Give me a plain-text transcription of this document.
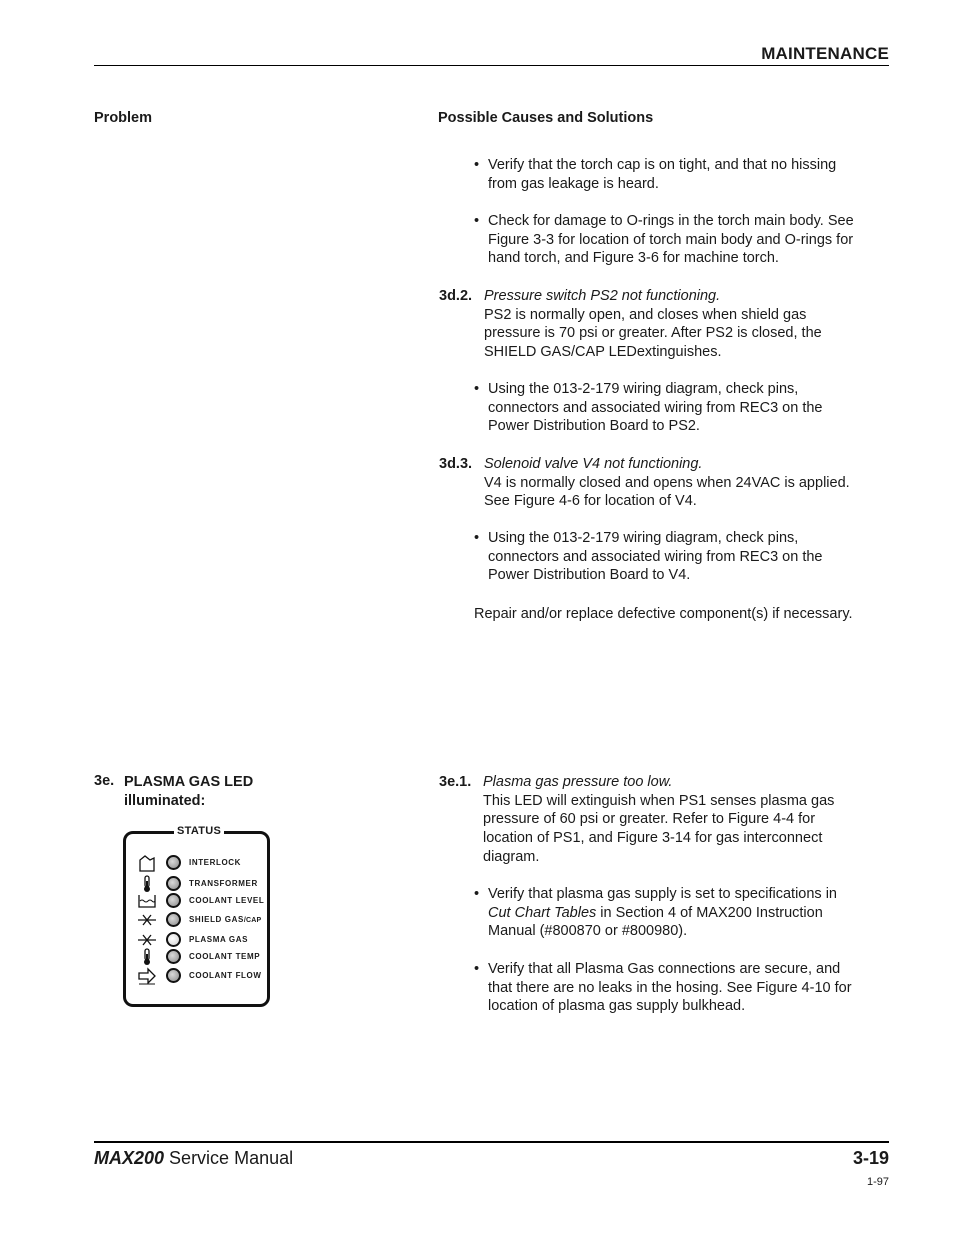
MAINTENANCE
Problem	Possible Causes and Solutions
• Verify that the torch cap is on tight, and that no hissing
from gas leakage is heard.
• Check for damage to O-rings in the torch main body. See
Figure 3-3 for location of torch main body and O-rings for
hand torch, and Figure 3-6 for machine torch.
3d.2. Pressure switch PS2 not functioning.
PS2 is normally open, and closes when shield gas
pressure is 70 psi or greater. After PS2 is closed, the
SHIELD GAS/CAP LEDextinguishes.
• Using the 013-2-179 wiring diagram, check pins,
connectors and associated wiring from REC3 on the
Power Distribution Board to PS2.
3d.3. Solenoid valve V4 not functioning.
V4 is normally closed and opens when 24VAC is applied.
See Figure 4-6 for location of V4.
• Using the 013-2-179 wiring diagram, check pins,
connectors and associated wiring from REC3 on the
Power Distribution Board to V4.
Repair and/or replace defective component(s) if necessary.
3e. PLASMA GAS LED
illuminated:
STATUS
INTERLOCK
TRANSFORMER
COOLANT LEVEL
SHIELD GAS/CAP
PLASMA GAS
COOLANT TEMP
COOLANT FLOW
3e.1. Plasma gas pressure too low.
This LED will extinguish when PS1 senses plasma gas
pressure of 60 psi or greater. Refer to Figure 4-4 for
location of PS1, and Figure 3-14 for gas interconnect
diagram.
• Verify that plasma gas supply is set to specifications in
Cut Chart Tables in Section 4 of MAX200 Instruction
Manual (#800870 or #800980).
• Verify that all Plasma Gas connections are secure, and
that there are no leaks in the hosing. See Figure 4-10 for
location of plasma gas supply bulkhead.
MAX200 Service Manual	3-19
1-97
